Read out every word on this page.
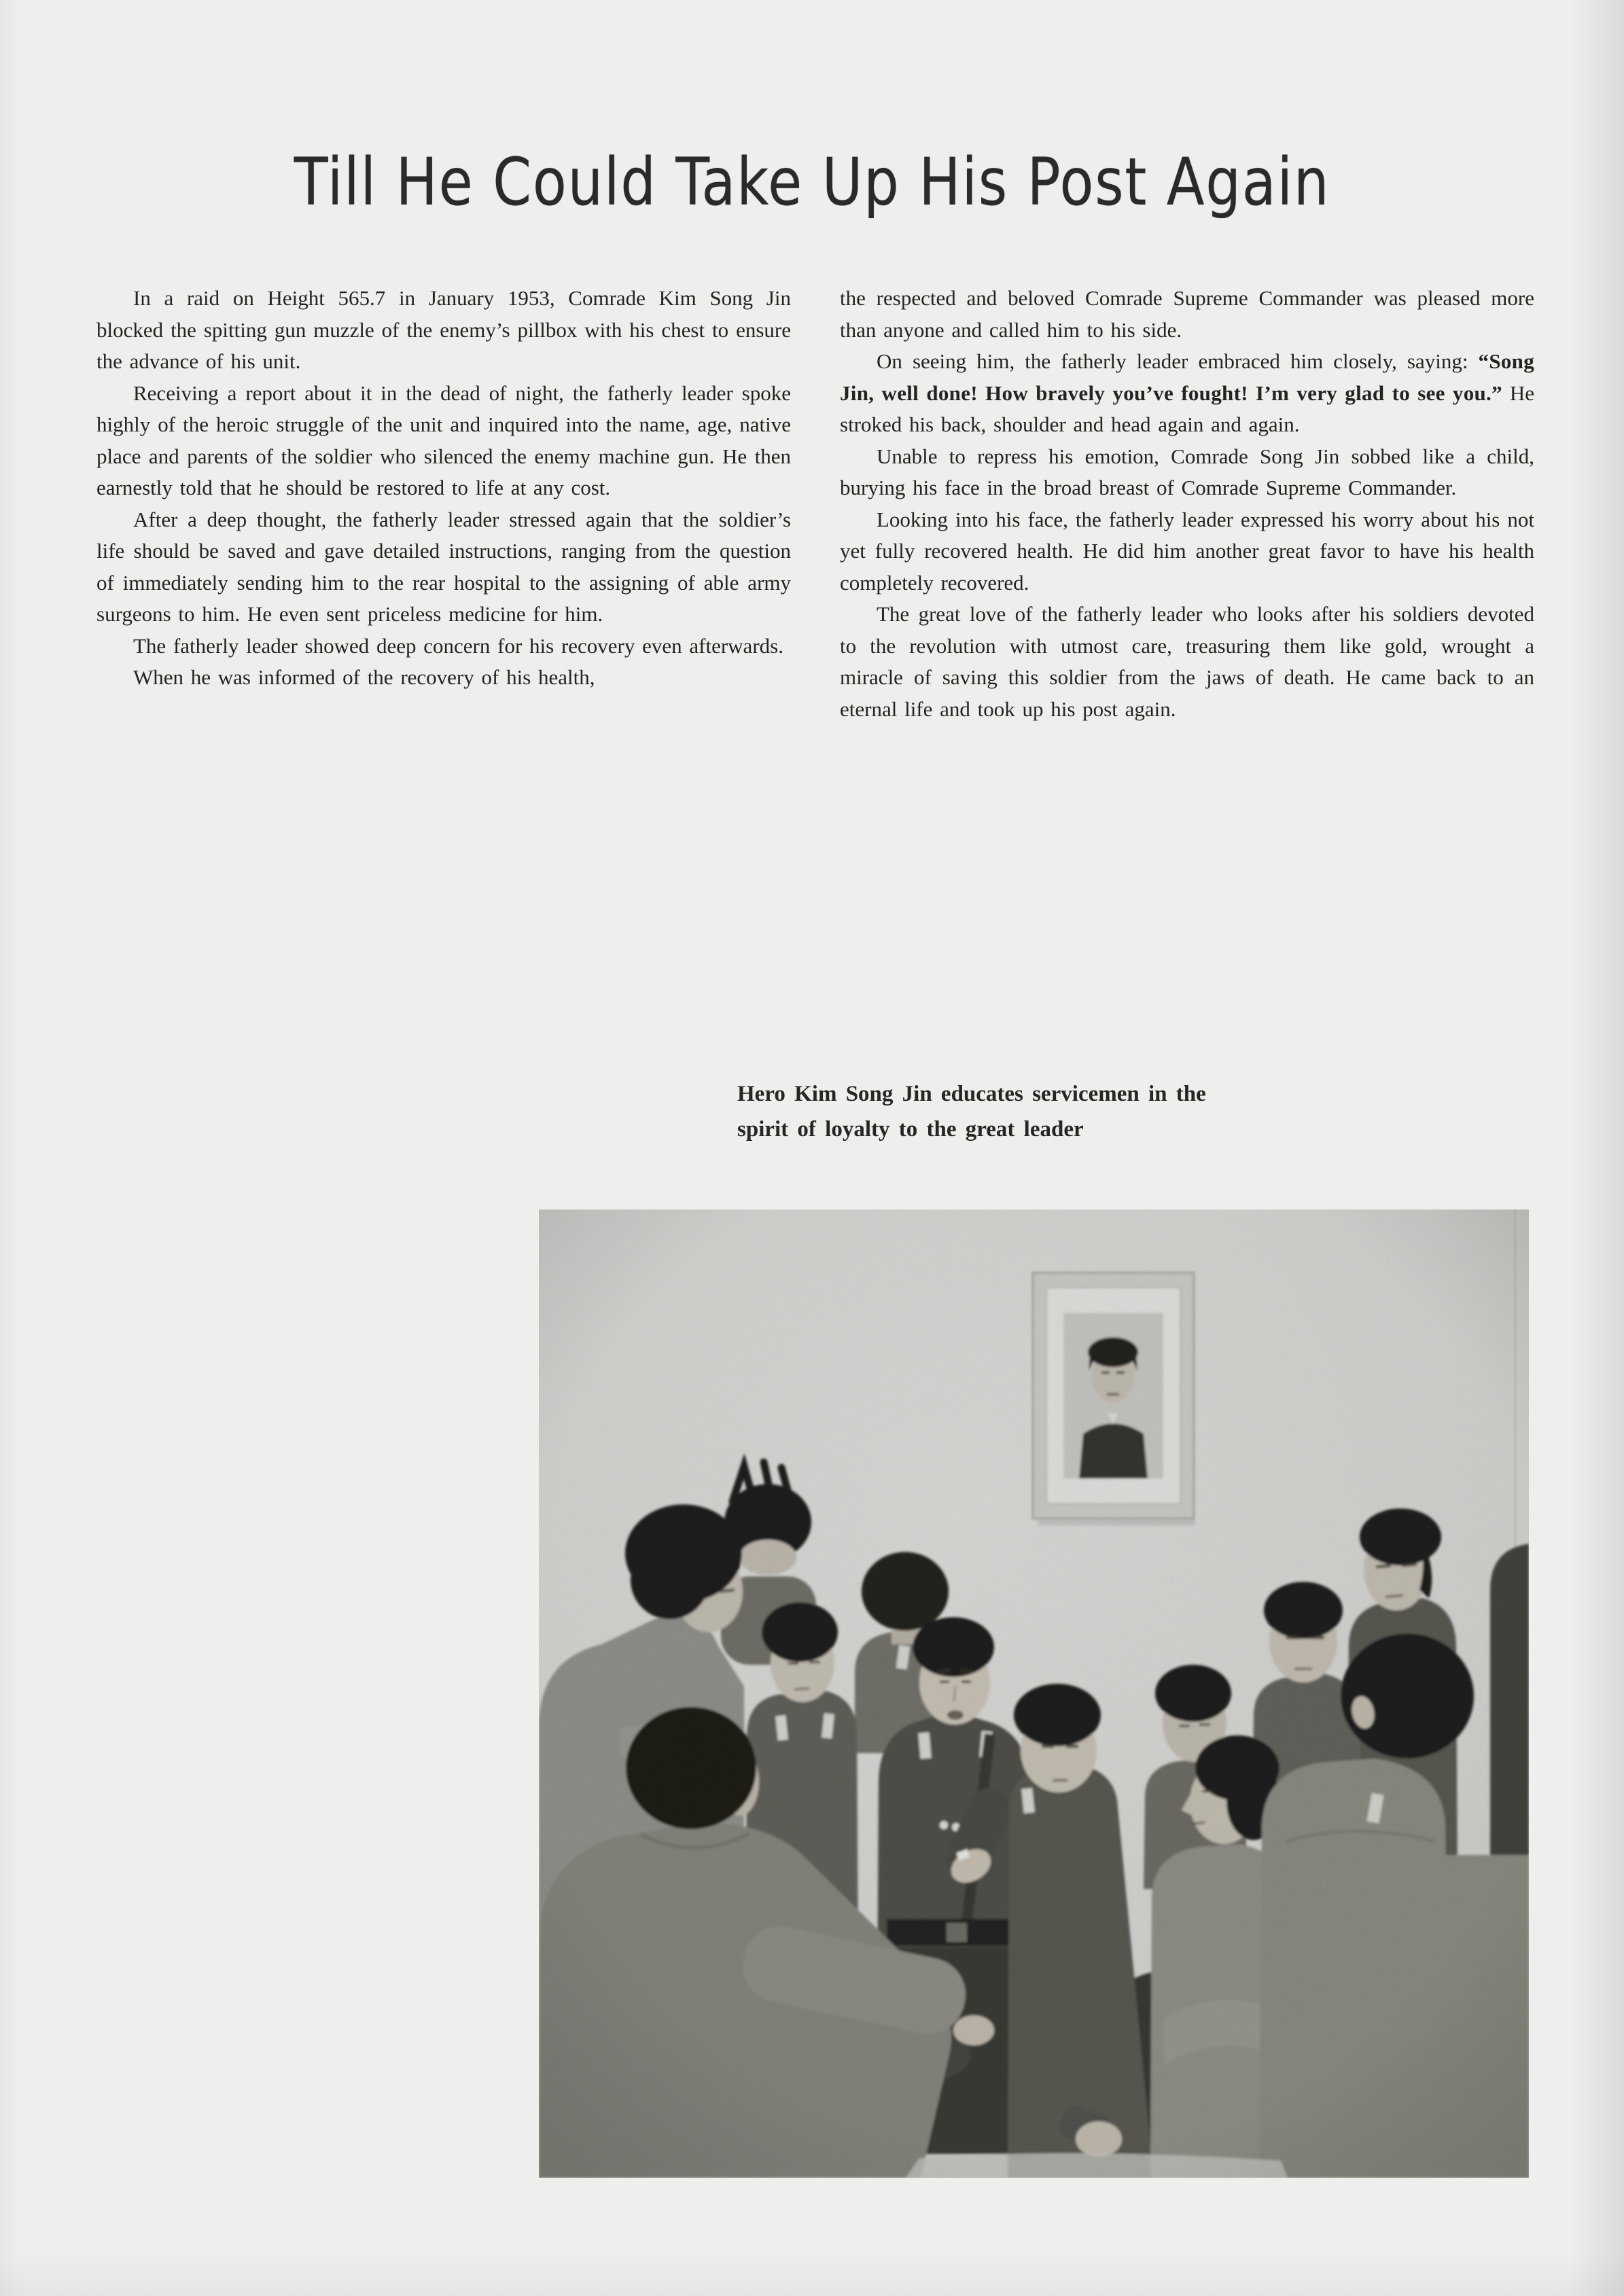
Till He Could Take Up His Post Again

In a raid on Height 565.7 in January 1953, Comrade Kim Song Jin blocked the spitting gun muzzle of the enemy’s pillbox with his chest to ensure the advance of his unit.

Receiving a report about it in the dead of night, the fatherly leader spoke highly of the heroic struggle of the unit and inquired into the name, age, native place and parents of the soldier who silenced the enemy machine gun. He then earnestly told that he should be restored to life at any cost.

After a deep thought, the fatherly leader stressed again that the soldier’s life should be saved and gave detailed instructions, ranging from the question of immediately sending him to the rear hospital to the assigning of able army surgeons to him. He even sent priceless medicine for him.

The fatherly leader showed deep concern for his recovery even afterwards.

When he was informed of the recovery of his health,

the respected and beloved Comrade Supreme Commander was pleased more than anyone and called him to his side.

On seeing him, the fatherly leader embraced him closely, saying: “Song Jin, well done! How bravely you’ve fought! I’m very glad to see you.” He stroked his back, shoulder and head again and again.

Unable to repress his emotion, Comrade Song Jin sobbed like a child, burying his face in the broad breast of Comrade Supreme Commander.

Looking into his face, the fatherly leader expressed his worry about his not yet fully recovered health. He did him another great favor to have his health completely recovered.

The great love of the fatherly leader who looks after his soldiers devoted to the revolution with utmost care, treasuring them like gold, wrought a miracle of saving this soldier from the jaws of death. He came back to an eternal life and took up his post again.

Hero Kim Song Jin educates servicemen in the
spirit of loyalty to the great leader
